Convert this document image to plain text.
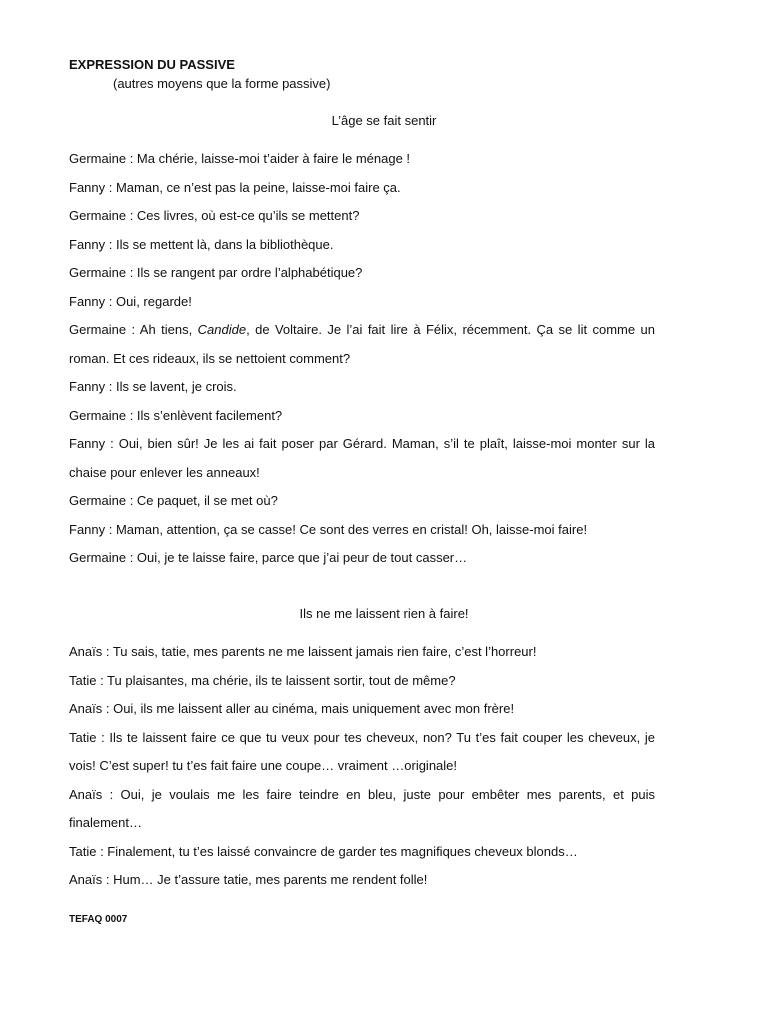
EXPRESSION DU PASSIVE
(autres moyens que la forme passive)
L’âge se fait sentir

Germaine : Ma chérie, laisse-moi t’aider à faire le ménage !

Fanny : Maman, ce n’est pas la peine, laisse-moi faire ça.

Germaine : Ces livres, où est-ce qu’ils se mettent?

Fanny : Ils se mettent là, dans la bibliothèque.

Germaine : Ils se rangent par ordre l’alphabétique?

Fanny : Oui, regarde!

Germaine : Ah tiens, Candide, de Voltaire. Je l’ai fait lire à Félix, récemment. Ça se lit comme un roman. Et ces rideaux, ils se nettoient comment?

Fanny : Ils se lavent, je crois.

Germaine : Ils s’enlèvent facilement?

Fanny : Oui, bien sûr! Je les ai fait poser par Gérard. Maman, s’il te plaît, laisse-moi monter sur la chaise pour enlever les anneaux!

Germaine : Ce paquet, il se met où?

Fanny : Maman, attention, ça se casse! Ce sont des verres en cristal! Oh, laisse-moi faire!

Germaine : Oui, je te laisse faire, parce que j’ai peur de tout casser…

Ils ne me laissent rien à faire!

Anaïs : Tu sais, tatie, mes parents ne me laissent jamais rien faire, c’est l’horreur!

Tatie : Tu plaisantes, ma chérie, ils te laissent sortir, tout de même?

Anaïs : Oui, ils me laissent aller au cinéma, mais uniquement avec mon frère!

Tatie : Ils te laissent faire ce que tu veux pour tes cheveux, non? Tu t’es fait couper les cheveux, je vois! C’est super! tu t’es fait faire une coupe… vraiment …originale!

Anaïs : Oui, je voulais me les faire teindre en bleu, juste pour embêter mes parents, et puis finalement…

Tatie : Finalement, tu t’es laissé convaincre de garder tes magnifiques cheveux blonds…

Anaïs : Hum… Je t’assure tatie, mes parents me rendent folle!

TEFAQ 0007
